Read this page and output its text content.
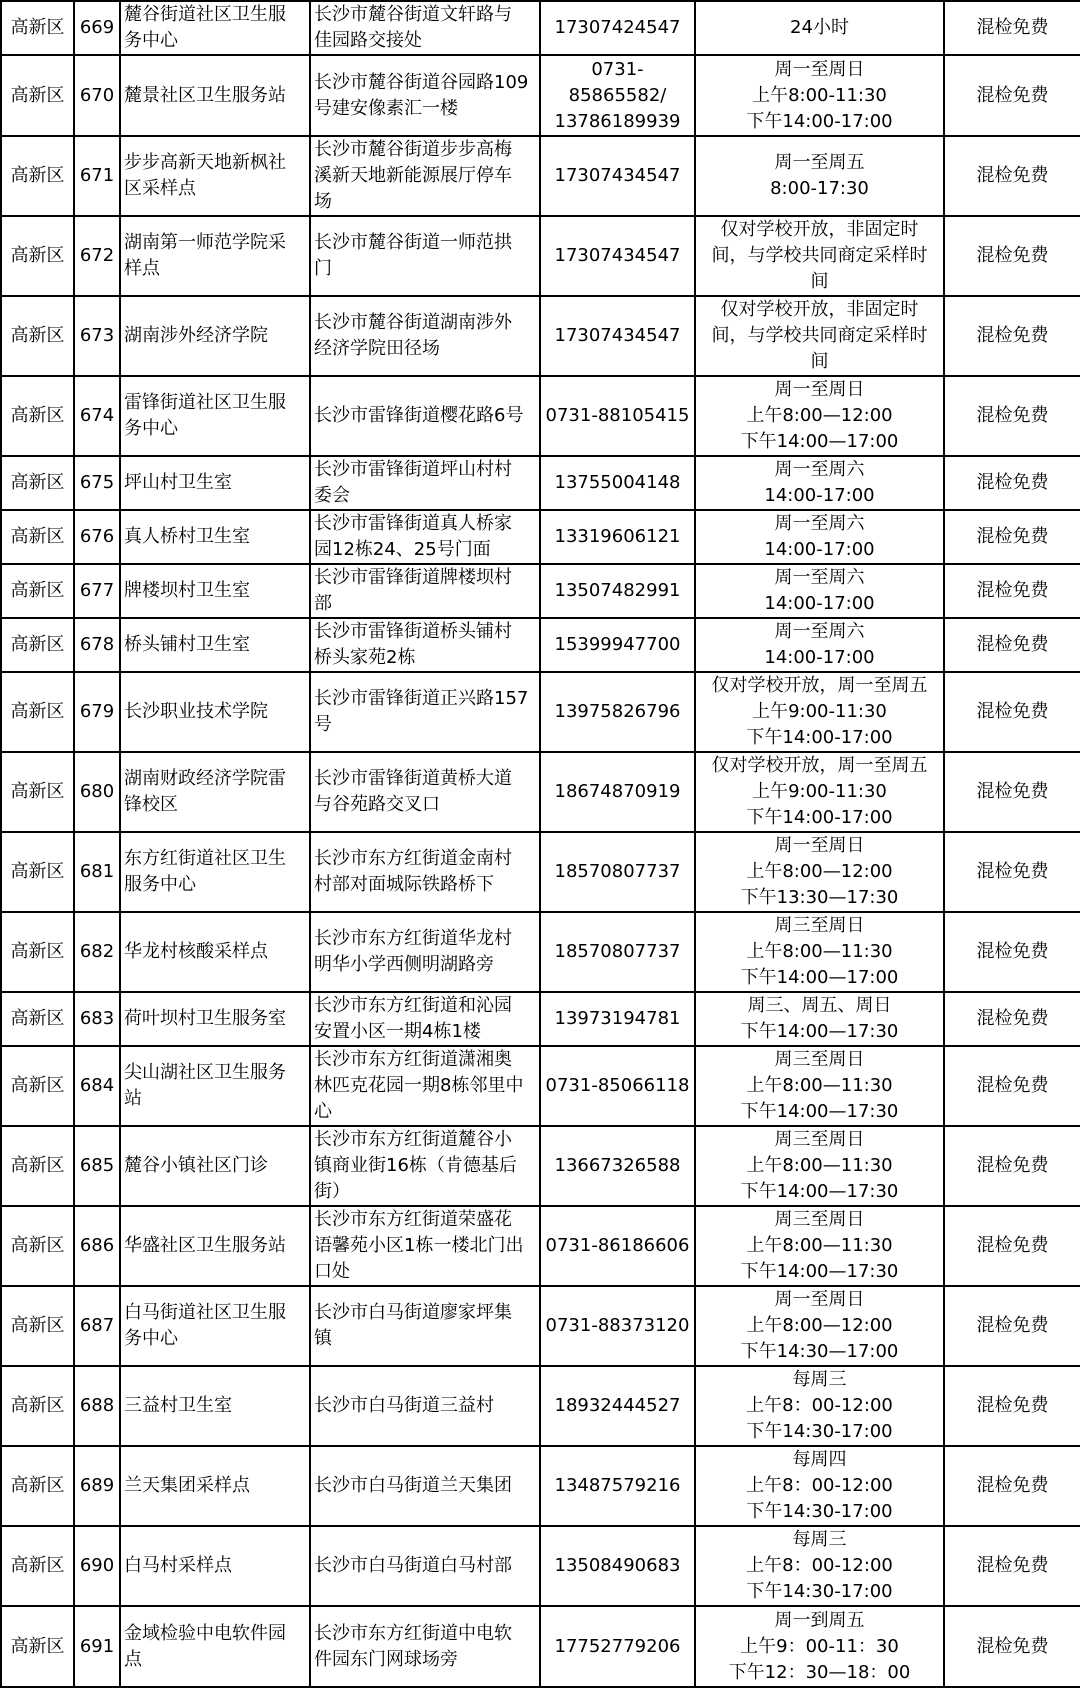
高新区	669	麓谷街道社区卫生服
务中心	长沙市麓谷街道文轩路与
佳园路交接处	17307424547	24小时	混检免费
高新区	670	麓景社区卫生服务站	长沙市麓谷街道谷园路109
号建安像素汇一楼	0731-85865582/
13786189939	周一至周日
上午8:00-11:30
下午14:00-17:00	混检免费
高新区	671	步步高新天地新枫社
区采样点	长沙市麓谷街道步步高梅
溪新天地新能源展厅停车
场	17307434547	周一至周五
8:00-17:30	混检免费
高新区	672	湖南第一师范学院采
样点	长沙市麓谷街道一师范拱
门	17307434547	仅对学校开放，非固定时
间，与学校共同商定采样时
间	混检免费
高新区	673	湖南涉外经济学院	长沙市麓谷街道湖南涉外
经济学院田径场	17307434547	仅对学校开放，非固定时
间，与学校共同商定采样时
间	混检免费
高新区	674	雷锋街道社区卫生服
务中心	长沙市雷锋街道樱花路6号	0731-88105415	周一至周日
上午8:00—12:00
下午14:00—17:00	混检免费
高新区	675	坪山村卫生室	长沙市雷锋街道坪山村村
委会	13755004148	周一至周六
14:00-17:00	混检免费
高新区	676	真人桥村卫生室	长沙市雷锋街道真人桥家
园12栋24、25号门面	13319606121	周一至周六
14:00-17:00	混检免费
高新区	677	牌楼坝村卫生室	长沙市雷锋街道牌楼坝村
部	13507482991	周一至周六
14:00-17:00	混检免费
高新区	678	桥头铺村卫生室	长沙市雷锋街道桥头铺村
桥头家苑2栋	15399947700	周一至周六
14:00-17:00	混检免费
高新区	679	长沙职业技术学院	长沙市雷锋街道正兴路157
号	13975826796	仅对学校开放，周一至周五
上午9:00-11:30
下午14:00-17:00	混检免费
高新区	680	湖南财政经济学院雷
锋校区	长沙市雷锋街道黄桥大道
与谷苑路交叉口	18674870919	仅对学校开放，周一至周五
上午9:00-11:30
下午14:00-17:00	混检免费
高新区	681	东方红街道社区卫生
服务中心	长沙市东方红街道金南村
村部对面城际铁路桥下	18570807737	周一至周日
上午8:00—12:00
下午13:30—17:30	混检免费
高新区	682	华龙村核酸采样点	长沙市东方红街道华龙村
明华小学西侧明湖路旁	18570807737	周三至周日
上午8:00—11:30
下午14:00—17:00	混检免费
高新区	683	荷叶坝村卫生服务室	长沙市东方红街道和沁园
安置小区一期4栋1楼	13973194781	周三、周五、周日
下午14:00—17:30	混检免费
高新区	684	尖山湖社区卫生服务
站	长沙市东方红街道潇湘奥
林匹克花园一期8栋邻里中
心	0731-85066118	周三至周日
上午8:00—11:30
下午14:00—17:30	混检免费
高新区	685	麓谷小镇社区门诊	长沙市东方红街道麓谷小
镇商业街16栋（肯德基后
街）	13667326588	周三至周日
上午8:00—11:30
下午14:00—17:30	混检免费
高新区	686	华盛社区卫生服务站	长沙市东方红街道荣盛花
语馨苑小区1栋一楼北门出
口处	0731-86186606	周三至周日
上午8:00—11:30
下午14:00—17:30	混检免费
高新区	687	白马街道社区卫生服
务中心	长沙市白马街道廖家坪集
镇	0731-88373120	周一至周日
上午8:00—12:00
下午14:30—17:00	混检免费
高新区	688	三益村卫生室	长沙市白马街道三益村	18932444527	每周三
上午8：00-12:00
下午14:30-17:00	混检免费
高新区	689	兰天集团采样点	长沙市白马街道兰天集团	13487579216	每周四
上午8：00-12:00
下午14:30-17:00	混检免费
高新区	690	白马村采样点	长沙市白马街道白马村部	13508490683	每周三
上午8：00-12:00
下午14:30-17:00	混检免费
高新区	691	金域检验中电软件园
点	长沙市东方红街道中电软
件园东门网球场旁	17752779206	周一到周五
上午9：00-11：30
下午12：30—18：00	混检免费
